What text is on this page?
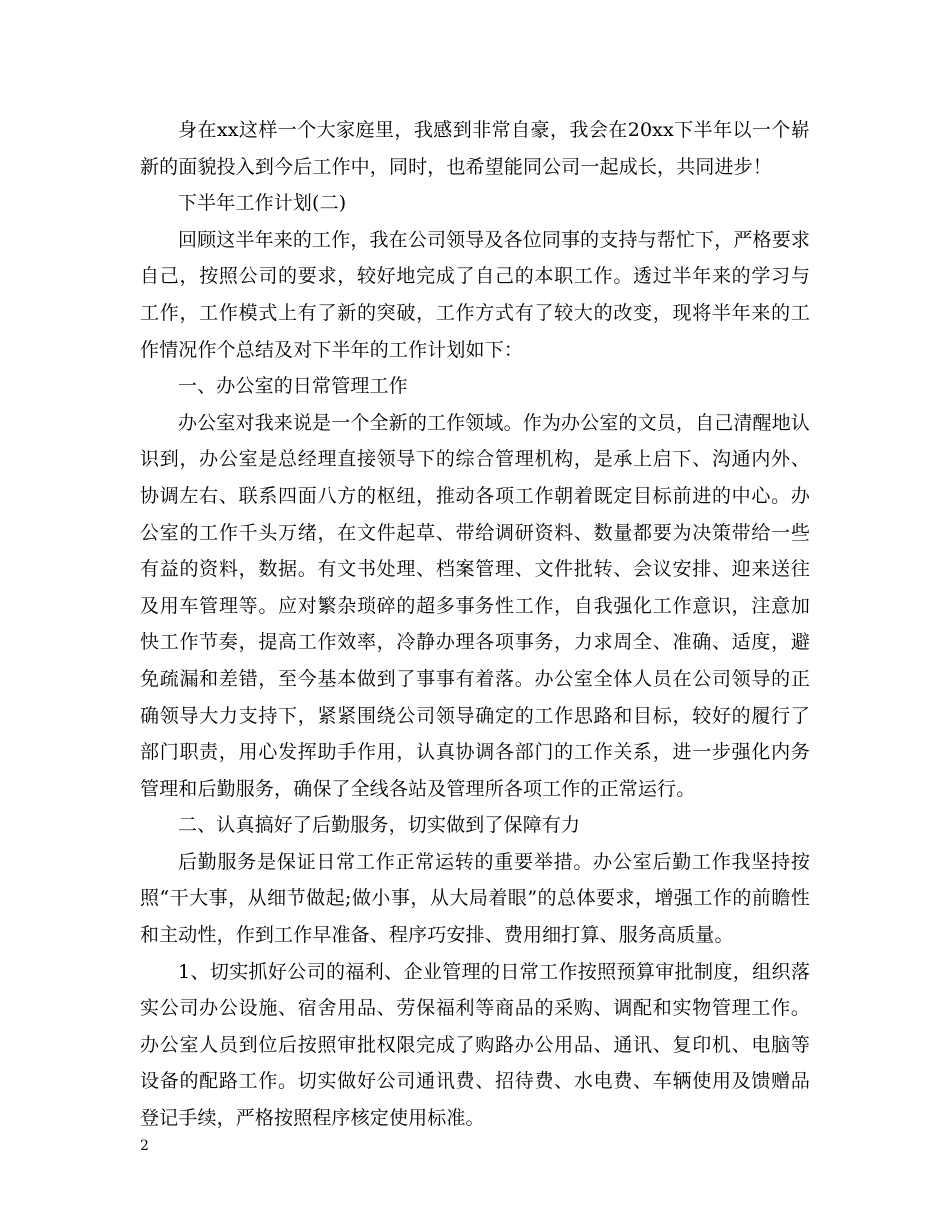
身在xx这样一个大家庭里，我感到非常自豪，我会在20xx下半年以一个崭新的面貌投入到今后工作中，同时，也希望能同公司一起成长，共同进步！

下半年工作计划(二)

回顾这半年来的工作，我在公司领导及各位同事的支持与帮忙下，严格要求自己，按照公司的要求，较好地完成了自己的本职工作。透过半年来的学习与工作，工作模式上有了新的突破，工作方式有了较大的改变，现将半年来的工作情况作个总结及对下半年的工作计划如下：

一、办公室的日常管理工作

办公室对我来说是一个全新的工作领域。作为办公室的文员，自己清醒地认识到，办公室是总经理直接领导下的综合管理机构，是承上启下、沟通内外、协调左右、联系四面八方的枢纽，推动各项工作朝着既定目标前进的中心。办公室的工作千头万绪，在文件起草、带给调研资料、数量都要为决策带给一些有益的资料，数据。有文书处理、档案管理、文件批转、会议安排、迎来送往及用车管理等。应对繁杂琐碎的超多事务性工作，自我强化工作意识，注意加快工作节奏，提高工作效率，冷静办理各项事务，力求周全、准确、适度，避免疏漏和差错，至今基本做到了事事有着落。办公室全体人员在公司领导的正确领导大力支持下，紧紧围绕公司领导确定的工作思路和目标，较好的履行了部门职责，用心发挥助手作用，认真协调各部门的工作关系，进一步强化内务管理和后勤服务，确保了全线各站及管理所各项工作的正常运行。

二、认真搞好了后勤服务，切实做到了保障有力

后勤服务是保证日常工作正常运转的重要举措。办公室后勤工作我坚持按照“干大事，从细节做起;做小事，从大局着眼”的总体要求，增强工作的前瞻性和主动性，作到工作早准备、程序巧安排、费用细打算、服务高质量。

1、切实抓好公司的福利、企业管理的日常工作按照预算审批制度，组织落实公司办公设施、宿舍用品、劳保福利等商品的采购、调配和实物管理工作。办公室人员到位后按照审批权限完成了购路办公用品、通讯、复印机、电脑等设备的配路工作。切实做好公司通讯费、招待费、水电费、车辆使用及馈赠品登记手续，严格按照程序核定使用标准。

2
